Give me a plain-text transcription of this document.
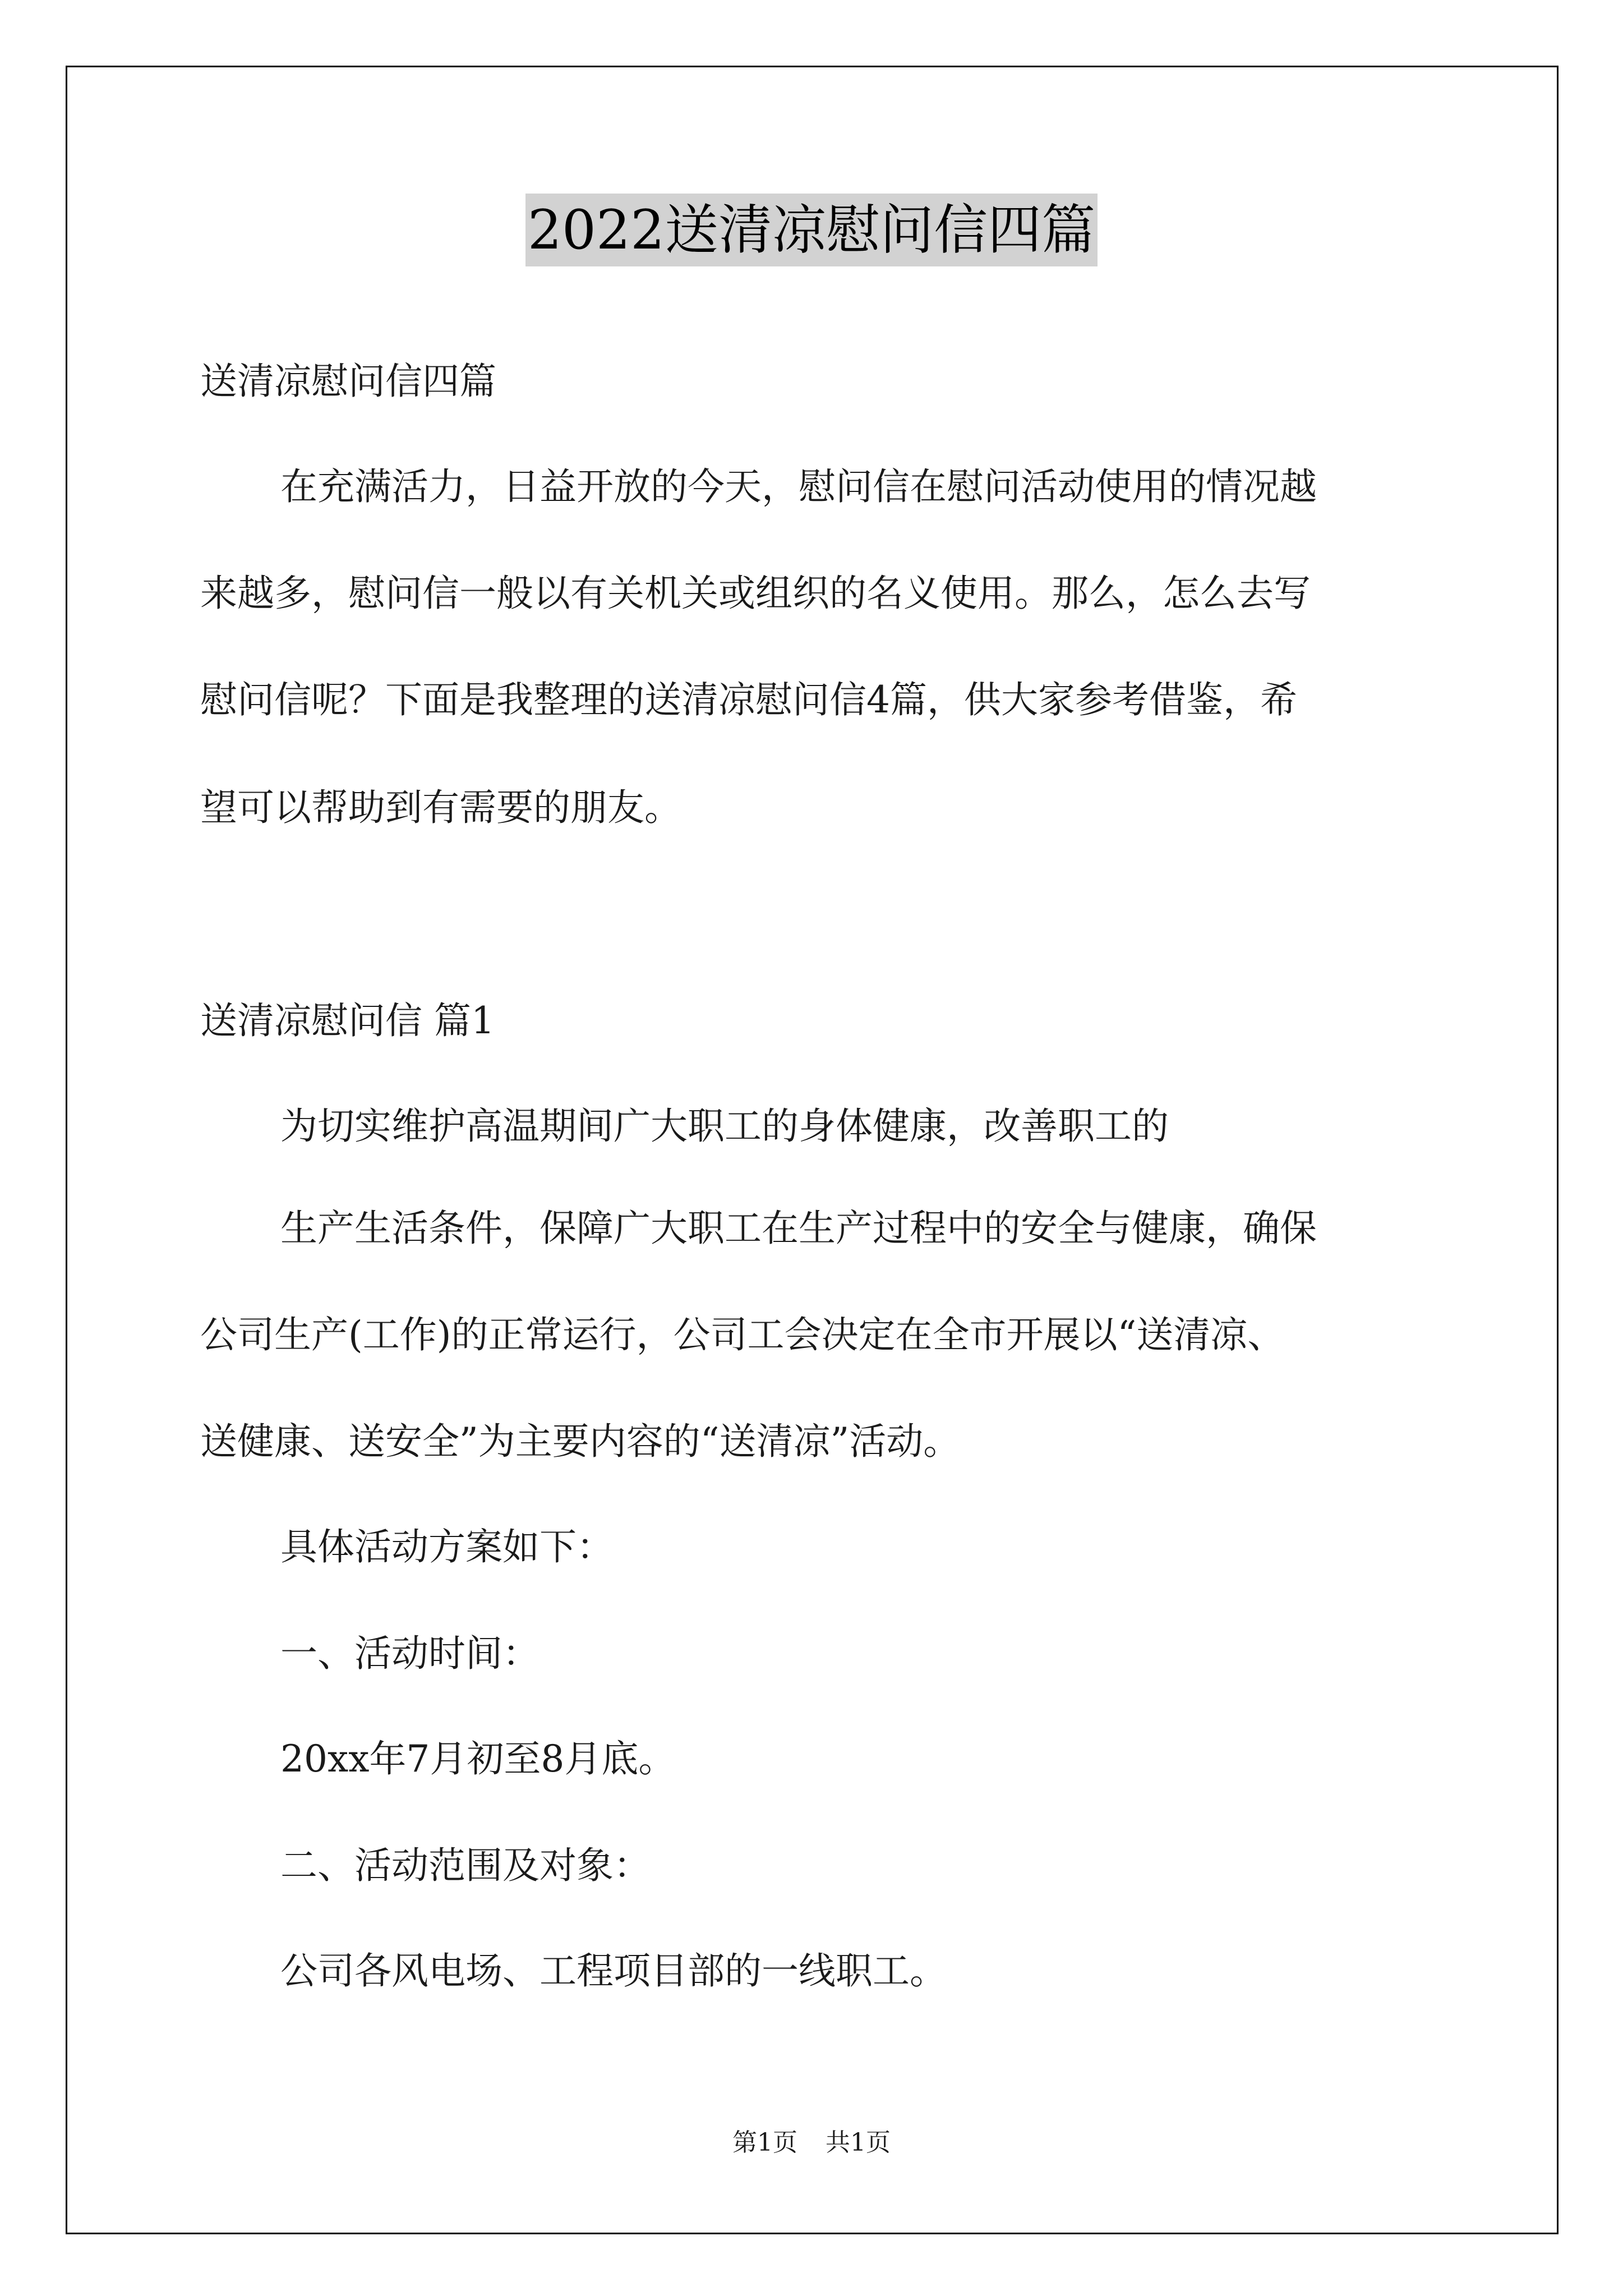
2022送清凉慰问信四篇

送清凉慰问信四篇

在充满活力，日益开放的今天，慰问信在慰问活动使用的情况越

来越多，慰问信一般以有关机关或组织的名义使用。那么，怎么去写

慰问信呢？下面是我整理的送清凉慰问信4篇，供大家参考借鉴，希

望可以帮助到有需要的朋友。

送清凉慰问信 篇1

为切实维护高温期间广大职工的身体健康，改善职工的

生产生活条件，保障广大职工在生产过程中的安全与健康，确保

公司生产(工作)的正常运行，公司工会决定在全市开展以“送清凉、

送健康、送安全”为主要内容的“送清凉”活动。

具体活动方案如下：

一、活动时间：

20xx年7月初至8月底。

二、活动范围及对象：

公司各风电场、工程项目部的一线职工。

第1页 共1页
